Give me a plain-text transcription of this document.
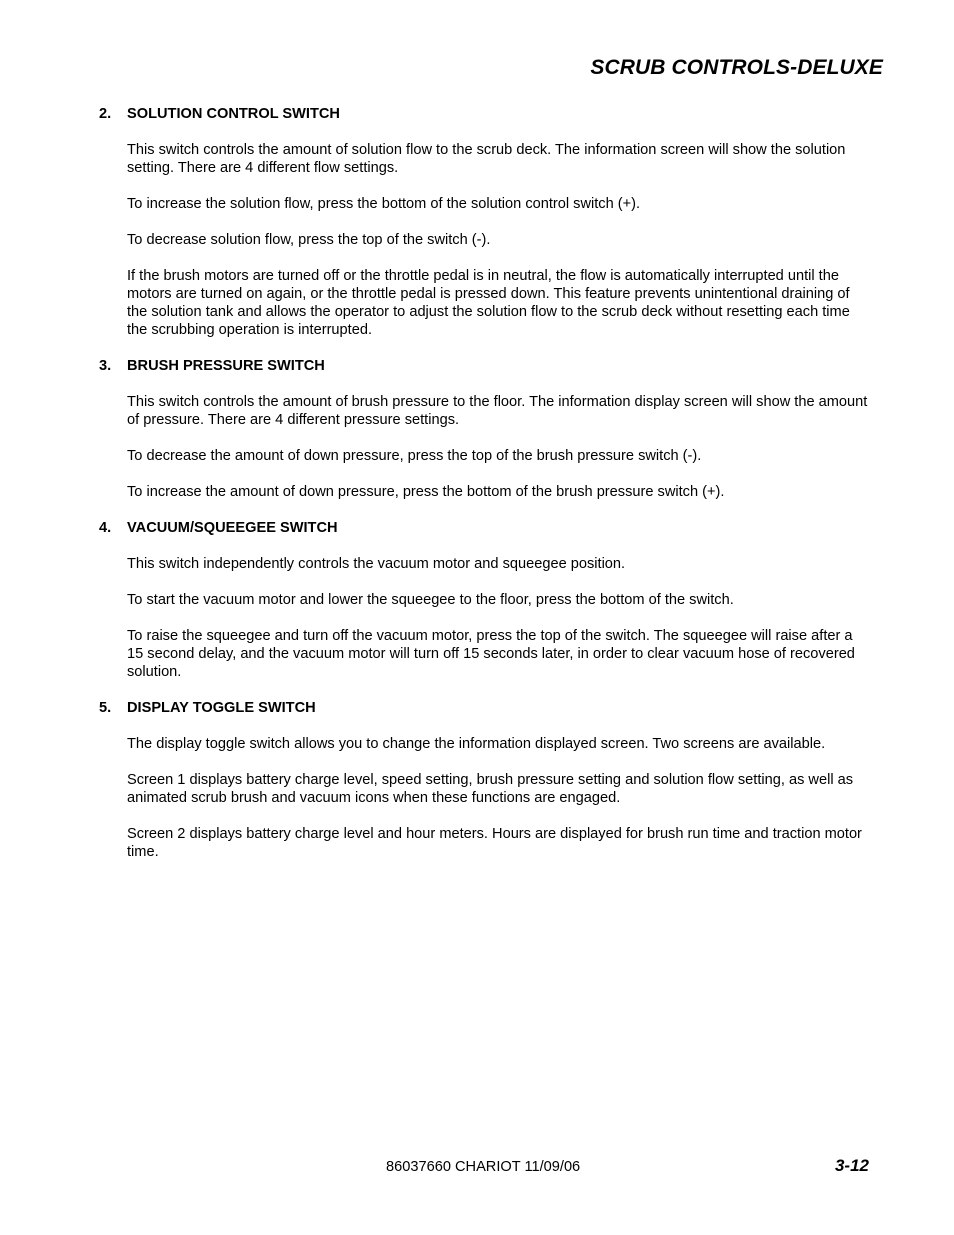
SCRUB CONTROLS-DELUXE
2. SOLUTION CONTROL SWITCH

This switch controls the amount of solution flow to the scrub deck. The information screen will show the solution setting. There are 4 different flow settings.

To increase the solution flow, press the bottom of the solution control switch (+).

To decrease solution flow, press the top of the switch (-).

If the brush motors are turned off or the throttle pedal is in neutral, the flow is automatically interrupted until the motors are turned on again, or the throttle pedal is pressed down. This feature prevents unintentional draining of the solution tank and allows the operator to adjust the solution flow to the scrub deck without resetting each time the scrubbing operation is interrupted.

3. BRUSH PRESSURE SWITCH

This switch controls the amount of brush pressure to the floor. The information display screen will show the amount of pressure. There are 4 different pressure settings.

To decrease the amount of down pressure, press the top of the brush pressure switch (-).

To increase the amount of down pressure, press the bottom of the brush pressure switch (+).

4. VACUUM/SQUEEGEE SWITCH

This switch independently controls the vacuum motor and squeegee position.

To start the vacuum motor and lower the squeegee to the floor, press the bottom of the switch.

To raise the squeegee and turn off the vacuum motor, press the top of the switch. The squeegee will raise after a 15 second delay, and the vacuum motor will turn off 15 seconds later, in order to clear vacuum hose of recovered solution.

5. DISPLAY TOGGLE SWITCH

The display toggle switch allows you to change the information displayed screen. Two screens are available.

Screen 1 displays battery charge level, speed setting, brush pressure setting and solution flow setting, as well as animated scrub brush and vacuum icons when these functions are engaged.

Screen 2 displays battery charge level and hour meters. Hours are displayed for brush run time and traction motor time.

86037660 CHARIOT 11/09/06	3-12
